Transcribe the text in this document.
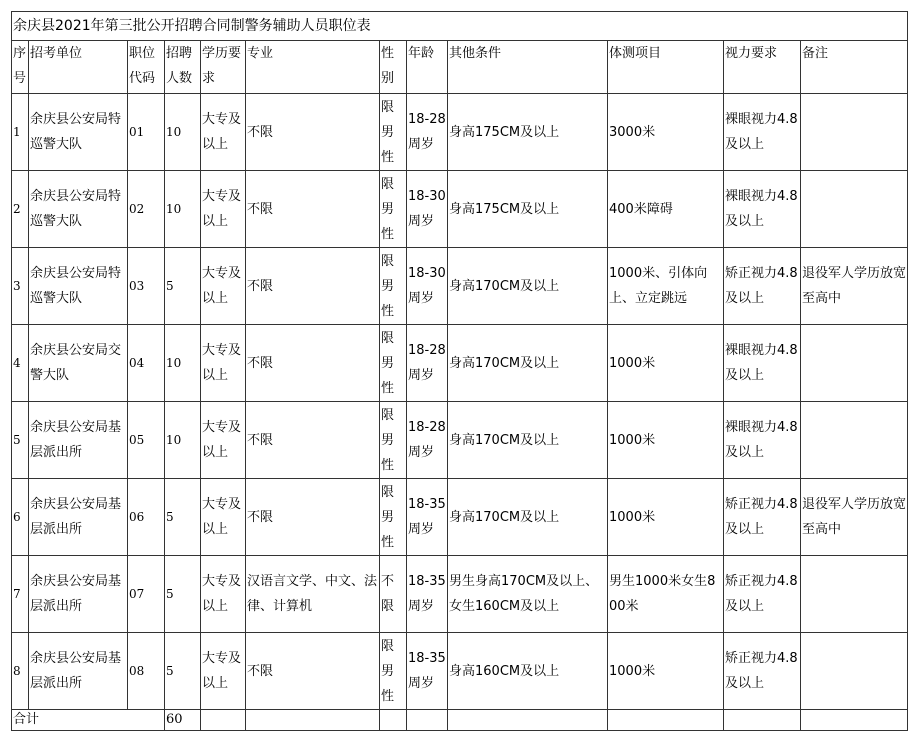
余庆县2021年第三批公开招聘合同制警务辅助人员职位表											
序号	招考单位	职位代码	招聘人数	学历要求	专业	性别	年龄	其他条件	体测项目	视力要求	备注
1	余庆县公安局特巡警大队	01	10	大专及以上	不限	限男性	18-28周岁	身高175CM及以上	3000米	裸眼视力4.8及以上	
2	余庆县公安局特巡警大队	02	10	大专及以上	不限	限男性	18-30周岁	身高175CM及以上	400米障碍	裸眼视力4.8及以上	
3	余庆县公安局特巡警大队	03	5	大专及以上	不限	限男性	18-30周岁	身高170CM及以上	1000米、引体向上、立定跳远	矫正视力4.8及以上	退役军人学历放宽至高中
4	余庆县公安局交警大队	04	10	大专及以上	不限	限男性	18-28周岁	身高170CM及以上	1000米	裸眼视力4.8及以上	
5	余庆县公安局基层派出所	05	10	大专及以上	不限	限男性	18-28周岁	身高170CM及以上	1000米	裸眼视力4.8及以上	
6	余庆县公安局基层派出所	06	5	大专及以上	不限	限男性	18-35周岁	身高170CM及以上	1000米	矫正视力4.8及以上	退役军人学历放宽至高中
7	余庆县公安局基层派出所	07	5	大专及以上	汉语言文学、中文、法律、计算机	不限	18-35周岁	男生身高170CM及以上、女生160CM及以上	男生1000米女生800米	矫正视力4.8及以上	
8	余庆县公安局基层派出所	08	5	大专及以上	不限	限男性	18-35周岁	身高160CM及以上	1000米	矫正视力4.8及以上	
合计			60								
